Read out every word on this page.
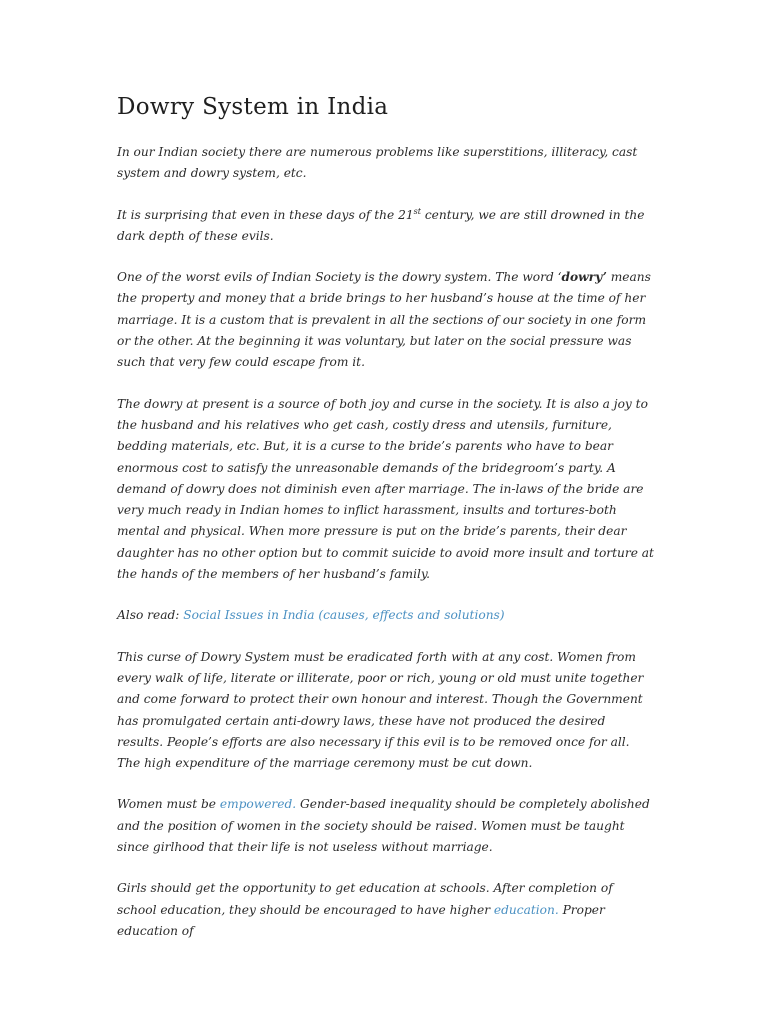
Dowry System in India

In our Indian society there are numerous problems like superstitions, illiteracy, cast system and dowry system, etc.

It is surprising that even in these days of the 21st century, we are still drowned in the dark depth of these evils.

One of the worst evils of Indian Society is the dowry system. The word ‘dowry’ means the property and money that a bride brings to her husband’s house at the time of her marriage. It is a custom that is prevalent in all the sections of our society in one form or the other. At the beginning it was voluntary, but later on the social pressure was such that very few could escape from it.

The dowry at present is a source of both joy and curse in the society. It is also a joy to the husband and his relatives who get cash, costly dress and utensils, furniture, bedding materials, etc. But, it is a curse to the bride’s parents who have to bear enormous cost to satisfy the unreasonable demands of the bridegroom’s party. A demand of dowry does not diminish even after marriage. The in-laws of the bride are very much ready in Indian homes to inflict harassment, insults and tortures-both mental and physical. When more pressure is put on the bride’s parents, their dear daughter has no other option but to commit suicide to avoid more insult and torture at the hands of the members of her husband’s family.

Also read: Social Issues in India (causes, effects and solutions)

This curse of Dowry System must be eradicated forth with at any cost. Women from every walk of life, literate or illiterate, poor or rich, young or old must unite together and come forward to protect their own honour and interest. Though the Government has promulgated certain anti-dowry laws, these have not produced the desired results. People’s efforts are also necessary if this evil is to be removed once for all. The high expenditure of the marriage ceremony must be cut down.

Women must be empowered. Gender-based inequality should be completely abolished and the position of women in the society should be raised. Women must be taught since girlhood that their life is not useless without marriage.

Girls should get the opportunity to get education at schools. After completion of school education, they should be encouraged to have higher education. Proper education of
